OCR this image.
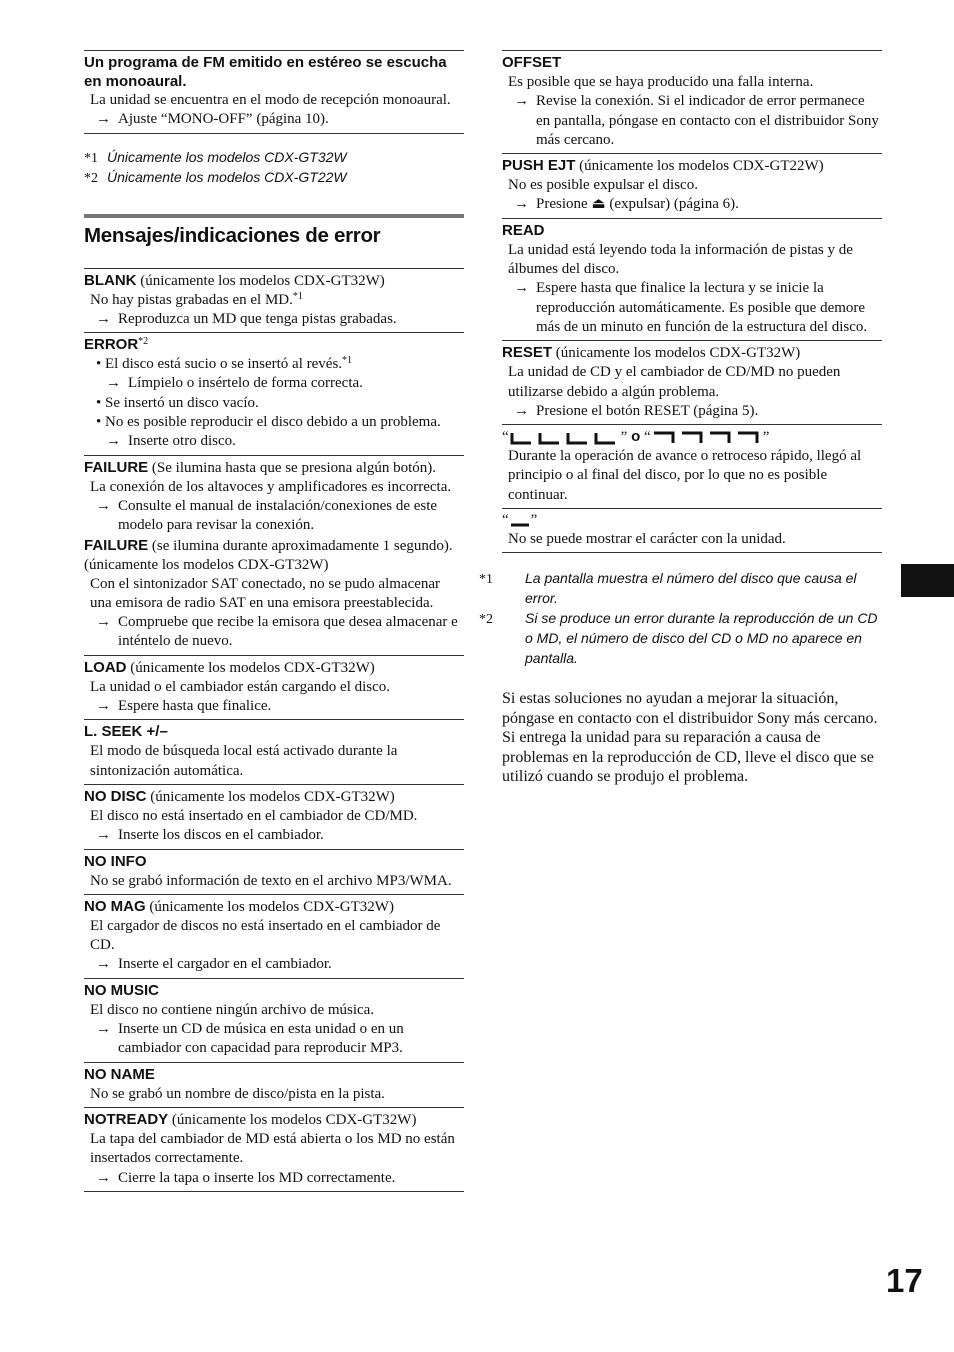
Un programa de FM emitido en estéreo se escucha en monoaural.
La unidad se encuentra en el modo de recepción monoaural.
→ Ajuste “MONO-OFF” (página 10).
*1 Únicamente los modelos CDX-GT32W
*2 Únicamente los modelos CDX-GT22W
Mensajes/indicaciones de error
BLANK (únicamente los modelos CDX-GT32W)
No hay pistas grabadas en el MD.$^{*1}$
→ Reproduzca un MD que tenga pistas grabadas.
ERROR$^{*2}$
• El disco está sucio o se insertó al revés.$^{*1}$
→ Límpielo o insértelo de forma correcta.
• Se insertó un disco vacío.
• No es posible reproducir el disco debido a un problema.
→ Inserte otro disco.
FAILURE (Se ilumina hasta que se presiona algún botón).
La conexión de los altavoces y amplificadores es incorrecta.
→ Consulte el manual de instalación/conexiones de este modelo para revisar la conexión.
FAILURE (se ilumina durante aproximadamente 1 segundo). (únicamente los modelos CDX-GT32W)
Con el sintonizador SAT conectado, no se pudo almacenar una emisora de radio SAT en una emisora preestablecida.
→ Compruebe que recibe la emisora que desea almacenar e inténtelo de nuevo.
LOAD (únicamente los modelos CDX-GT32W)
La unidad o el cambiador están cargando el disco.
→ Espere hasta que finalice.
L. SEEK +/–
El modo de búsqueda local está activado durante la sintonización automática.
NO DISC (únicamente los modelos CDX-GT32W)
El disco no está insertado en el cambiador de CD/MD.
→ Inserte los discos en el cambiador.
NO INFO
No se grabó información de texto en el archivo MP3/WMA.
NO MAG (únicamente los modelos CDX-GT32W)
El cargador de discos no está insertado en el cambiador de CD.
→ Inserte el cargador en el cambiador.
NO MUSIC
El disco no contiene ningún archivo de música.
→ Inserte un CD de música en esta unidad o en un cambiador con capacidad para reproducir MP3.
NO NAME
No se grabó un nombre de disco/pista en la pista.
NOTREADY (únicamente los modelos CDX-GT32W)
La tapa del cambiador de MD está abierta o los MD no están insertados correctamente.
→ Cierre la tapa o inserte los MD correctamente.
OFFSET
Es posible que se haya producido una falla interna.
→ Revise la conexión. Si el indicador de error permanece en pantalla, póngase en contacto con el distribuidor Sony más cercano.
PUSH EJT (únicamente los modelos CDX-GT22W)
No es posible expulsar el disco.
→ Presione ⏏ (expulsar) (página 6).
READ
La unidad está leyendo toda la información de pistas y de álbumes del disco.
→ Espere hasta que finalice la lectura y se inicie la reproducción automáticamente. Es posible que demore más de un minuto en función de la estructura del disco.
RESET (únicamente los modelos CDX-GT32W)
La unidad de CD y el cambiador de CD/MD no pueden utilizarse debido a algún problema.
→ Presione el botón RESET (página 5).
“	” o “	”
Durante la operación de avance o retroceso rápido, llegó al principio o al final del disco, por lo que no es posible continuar.
“ ”
No se puede mostrar el carácter con la unidad.
*1 La pantalla muestra el número del disco que causa el error.
*2 Si se produce un error durante la reproducción de un CD o MD, el número de disco del CD o MD no aparece en pantalla.
Si estas soluciones no ayudan a mejorar la situación, póngase en contacto con el distribuidor Sony más cercano.
Si entrega la unidad para su reparación a causa de problemas en la reproducción de CD, lleve el disco que se utilizó cuando se produjo el problema.
17
